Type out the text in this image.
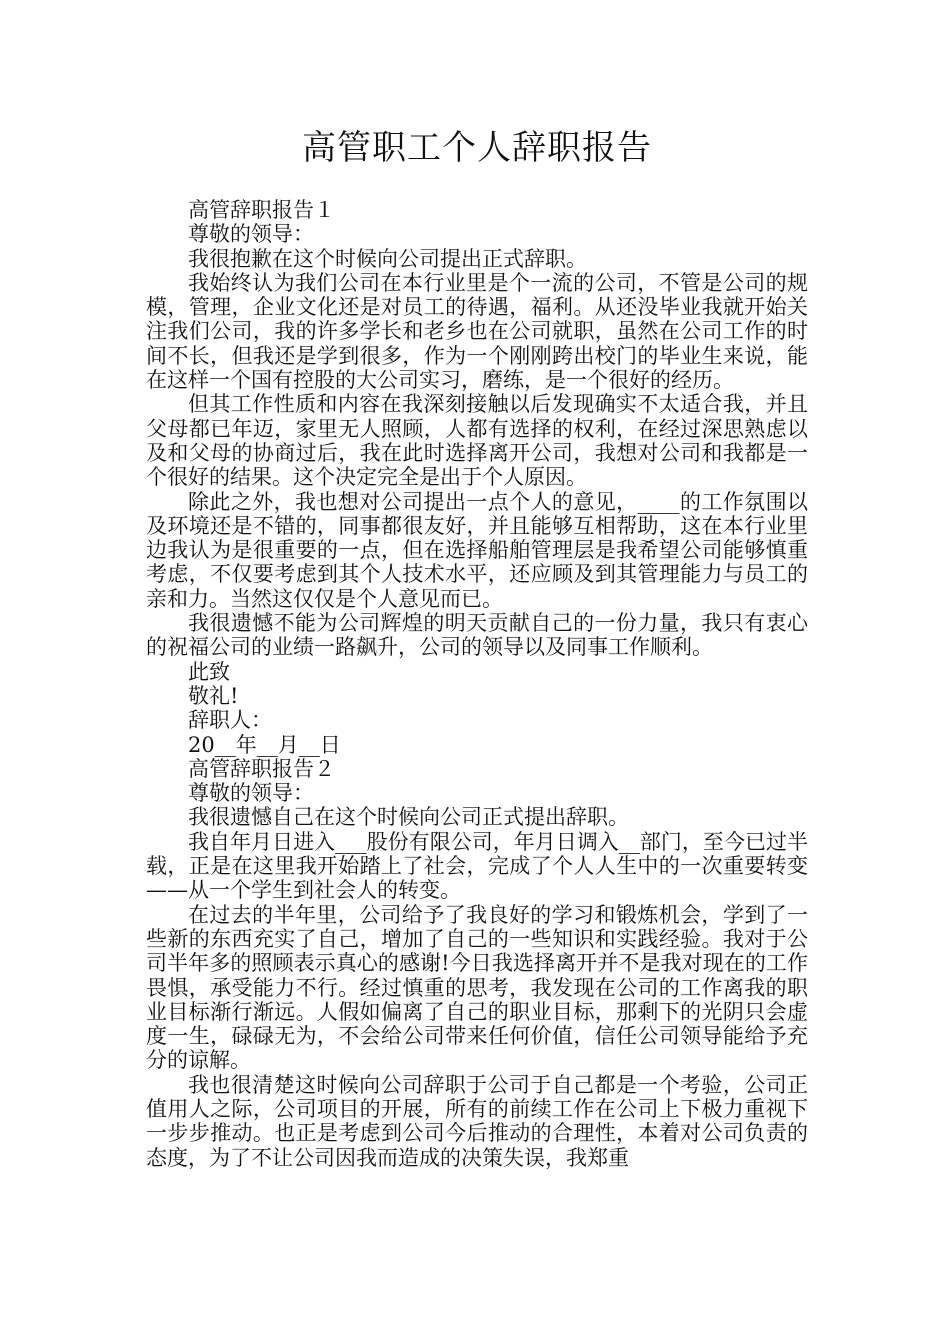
高管职工个人辞职报告

高管辞职报告１

尊敬的领导：

我很抱歉在这个时候向公司提出正式辞职。

我始终认为我们公司在本行业里是个一流的公司，不管是公司的规模，管理，企业文化还是对员工的待遇，福利。从还没毕业我就开始关注我们公司，我的许多学长和老乡也在公司就职，虽然在公司工作的时间不长，但我还是学到很多，作为一个刚刚跨出校门的毕业生来说，能在这样一个国有控股的大公司实习，磨练，是一个很好的经历。

但其工作性质和内容在我深刻接触以后发现确实不太适合我，并且父母都已年迈，家里无人照顾，人都有选择的权利，在经过深思熟虑以及和父母的协商过后，我在此时选择离开公司，我想对公司和我都是一个很好的结果。这个决定完全是出于个人原因。

除此之外，我也想对公司提出一点个人的意见，____的工作氛围以及环境还是不错的，同事都很友好，并且能够互相帮助，这在本行业里边我认为是很重要的一点，但在选择船舶管理层是我希望公司能够慎重考虑，不仅要考虑到其个人技术水平，还应顾及到其管理能力与员工的亲和力。当然这仅仅是个人意见而已。

我很遗憾不能为公司辉煌的明天贡献自己的一份力量，我只有衷心的祝福公司的业绩一路飙升，公司的领导以及同事工作顺利。

此致

敬礼!

辞职人：

20__年__月__日

高管辞职报告２

尊敬的领导：

我很遗憾自己在这个时候向公司正式提出辞职。

我自年月日进入___股份有限公司，年月日调入__部门，至今已过半载，正是在这里我开始踏上了社会，完成了个人人生中的一次重要转变——从一个学生到社会人的转变。

在过去的半年里，公司给予了我良好的学习和锻炼机会，学到了一些新的东西充实了自己，增加了自己的一些知识和实践经验。我对于公司半年多的照顾表示真心的感谢!今日我选择离开并不是我对现在的工作畏惧，承受能力不行。经过慎重的思考，我发现在公司的工作离我的职业目标渐行渐远。人假如偏离了自己的职业目标，那剩下的光阴只会虚度一生，碌碌无为，不会给公司带来任何价值，信任公司领导能给予充分的谅解。

我也很清楚这时候向公司辞职于公司于自己都是一个考验，公司正值用人之际，公司项目的开展，所有的前续工作在公司上下极力重视下一步步推动。也正是考虑到公司今后推动的合理性，本着对公司负责的态度，为了不让公司因我而造成的决策失误，我郑重
